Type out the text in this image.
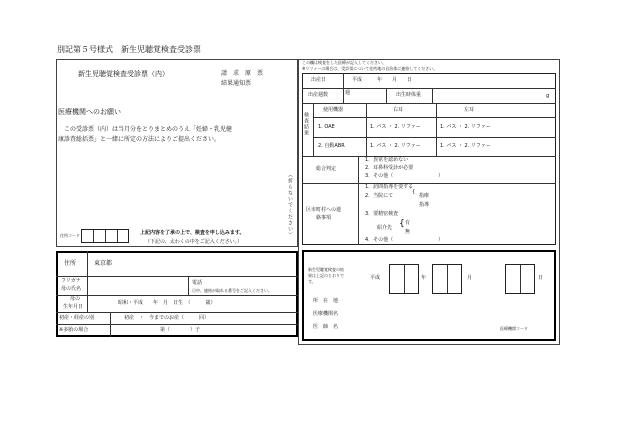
別記第５号様式　新生児聴覚検査受診票
新生児聴覚検査受診票（内）	請　求　原　票
結果通知票
医療機関へのお願い
この受診票（内）は当月分をとりまとめのうえ「妊婦・乳児健
康診査総括票」と一緒に所定の方法によりご提出ください。
住所コード	上記内容を了承の上で、検査を申し込みます。
（下記の、太わくの中をご記入ください。）
（折らないでください）
住所	東京都
フリガナ
母の氏名
電話
日中、連絡が取れる番号をご記入ください。
母の
生年月日
昭和・平成　　年　月　日生　（　　　歳）
初産・経産の別	初産　・　今までのお産（　　　回）
※多胎の場合	第（　　　　）子
この欄は検査をした医療が記入してください。
※リファーの場合は、受診票について住所地の自治体に連絡してください。
出産日	平成　　　年　　月　　日
出産週数	週	出生時体重	g
検査結果
使用機器	右耳	左耳
1. OAE	1. パス ・ 2. リファー	1. パス ・ 2. リファー
2. 自動ABR	1. パス ・ 2. リファー	1. パス ・ 2. リファー
総合判定
1．異常を認めない
2．耳鼻科受診が必要
3．その他（　　　　　　　　　）
区市町村への連
絡事項
1．訪問指導を要する
2．当院にて
{
指療
指導
3．要精密検査
紹介先 { 有
無
4．その他（　　　　　　　　　）
新生児聴覚検査の結
果は上記のとおりで
す。
平成	年	月	日
所　在　地
医療機関名
医　師　名	医療機関コード
